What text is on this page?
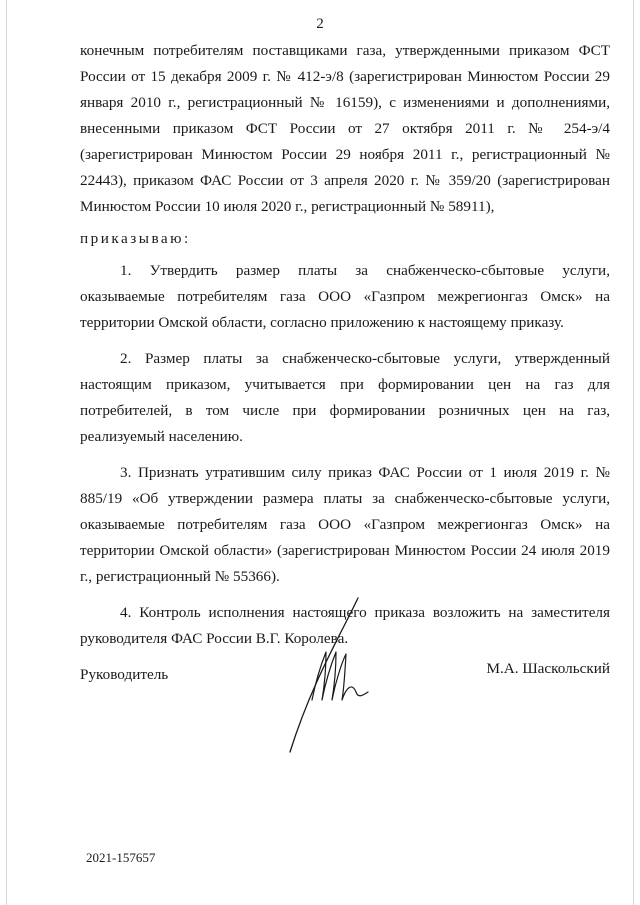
2

конечным потребителям поставщиками газа, утвержденными приказом ФСТ России от 15 декабря 2009 г. № 412-э/8 (зарегистрирован Минюстом России 29 января 2010 г., регистрационный № 16159), с изменениями и дополнениями, внесенными приказом ФСТ России от 27 октября 2011 г. № 254-э/4 (зарегистрирован Минюстом России 29 ноября 2011 г., регистрационный № 22443), приказом ФАС России от 3 апреля 2020 г. № 359/20 (зарегистрирован Минюстом России 10 июля 2020 г., регистрационный № 58911),

приказываю:

1. Утвердить размер платы за снабженческо-сбытовые услуги, оказываемые потребителям газа ООО «Газпром межрегионгаз Омск» на территории Омской области, согласно приложению к настоящему приказу.

2. Размер платы за снабженческо-сбытовые услуги, утвержденный настоящим приказом, учитывается при формировании цен на газ для потребителей, в том числе при формировании розничных цен на газ, реализуемый населению.

3. Признать утратившим силу приказ ФАС России от 1 июля 2019 г. № 885/19 «Об утверждении размера платы за снабженческо-сбытовые услуги, оказываемые потребителям газа ООО «Газпром межрегионгаз Омск» на территории Омской области» (зарегистрирован Минюстом России 24 июля 2019 г., регистрационный № 55366).

4. Контроль исполнения настоящего приказа возложить на заместителя руководителя ФАС России В.Г. Королева.

Руководитель	М.А. Шаскольский
2021-157657
